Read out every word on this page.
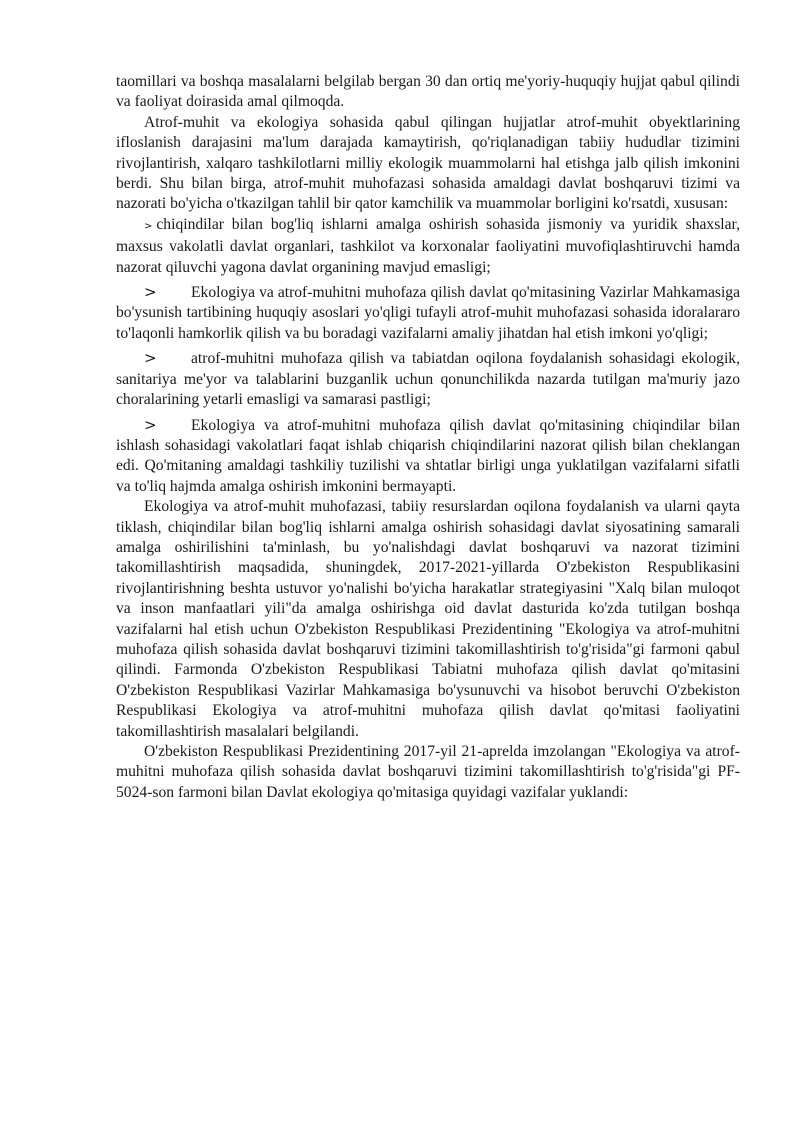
taomillari va boshqa masalalarni belgilab bergan 30 dan ortiq me'yoriy-huquqiy hujjat qabul qilindi va faoliyat doirasida amal qilmoqda.

Atrof-muhit va ekologiya sohasida qabul qilingan hujjatlar atrof-muhit obyektlarining ifloslanish darajasini ma'lum darajada kamaytirish, qo'riqlanadigan tabiiy hududlar tizimini rivojlantirish, xalqaro tashkilotlarni milliy ekologik muammolarni hal etishga jalb qilish imkonini berdi. Shu bilan birga, atrof-muhit muhofazasi sohasida amaldagi davlat boshqaruvi tizimi va nazorati bo'yicha o'tkazilgan tahlil bir qator kamchilik va muammolar borligini ko'rsatdi, xususan:

> chiqindilar bilan bog'liq ishlarni amalga oshirish sohasida jismoniy va yuridik shaxslar, maxsus vakolatli davlat organlari, tashkilot va korxonalar faoliyatini muvofiqlashtiruvchi hamda nazorat qiluvchi yagona davlat organining mavjud emasligi;

> Ekologiya va atrof-muhitni muhofaza qilish davlat qo'mitasining Vazirlar Mahkamasiga bo'ysunish tartibining huquqiy asoslari yo'qligi tufayli atrof-muhit muhofazasi sohasida idoralararo to'laqonli hamkorlik qilish va bu boradagi vazifalarni amaliy jihatdan hal etish imkoni yo'qligi;

> atrof-muhitni muhofaza qilish va tabiatdan oqilona foydalanish sohasidagi ekologik, sanitariya me'yor va talablarini buzganlik uchun qonunchilikda nazarda tutilgan ma'muriy jazo choralarining yetarli emasligi va samarasi pastligi;

> Ekologiya va atrof-muhitni muhofaza qilish davlat qo'mitasining chiqindilar bilan ishlash sohasidagi vakolatlari faqat ishlab chiqarish chiqindilarini nazorat qilish bilan cheklangan edi. Qo'mitaning amaldagi tashkiliy tuzilishi va shtatlar birligi unga yuklatilgan vazifalarni sifatli va to'liq hajmda amalga oshirish imkonini bermayapti.

Ekologiya va atrof-muhit muhofazasi, tabiiy resurslardan oqilona foydalanish va ularni qayta tiklash, chiqindilar bilan bog'liq ishlarni amalga oshirish sohasidagi davlat siyosatining samarali amalga oshirilishini ta'minlash, bu yo'nalishdagi davlat boshqaruvi va nazorat tizimini takomillashtirish maqsadida, shuningdek, 2017-2021-yillarda O'zbekiston Respublikasini rivojlantirishning beshta ustuvor yo'nalishi bo'yicha harakatlar strategiyasini "Xalq bilan muloqot va inson manfaatlari yili"da amalga oshirishga oid davlat dasturida ko'zda tutilgan boshqa vazifalarni hal etish uchun O'zbekiston Respublikasi Prezidentining "Ekologiya va atrof-muhitni muhofaza qilish sohasida davlat boshqaruvi tizimini takomillashtirish to'g'risida"gi farmoni qabul qilindi. Farmonda O'zbekiston Respublikasi Tabiatni muhofaza qilish davlat qo'mitasini O'zbekiston Respublikasi Vazirlar Mahkamasiga bo'ysunuvchi va hisobot beruvchi O'zbekiston Respublikasi Ekologiya va atrof-muhitni muhofaza qilish davlat qo'mitasi faoliyatini takomillashtirish masalalari belgilandi.

O'zbekiston Respublikasi Prezidentining 2017-yil 21-aprelda imzolangan "Ekologiya va atrof-muhitni muhofaza qilish sohasida davlat boshqaruvi tizimini takomillashtirish to'g'risida"gi PF- 5024-son farmoni bilan Davlat ekologiya qo'mitasiga quyidagi vazifalar yuklandi:
